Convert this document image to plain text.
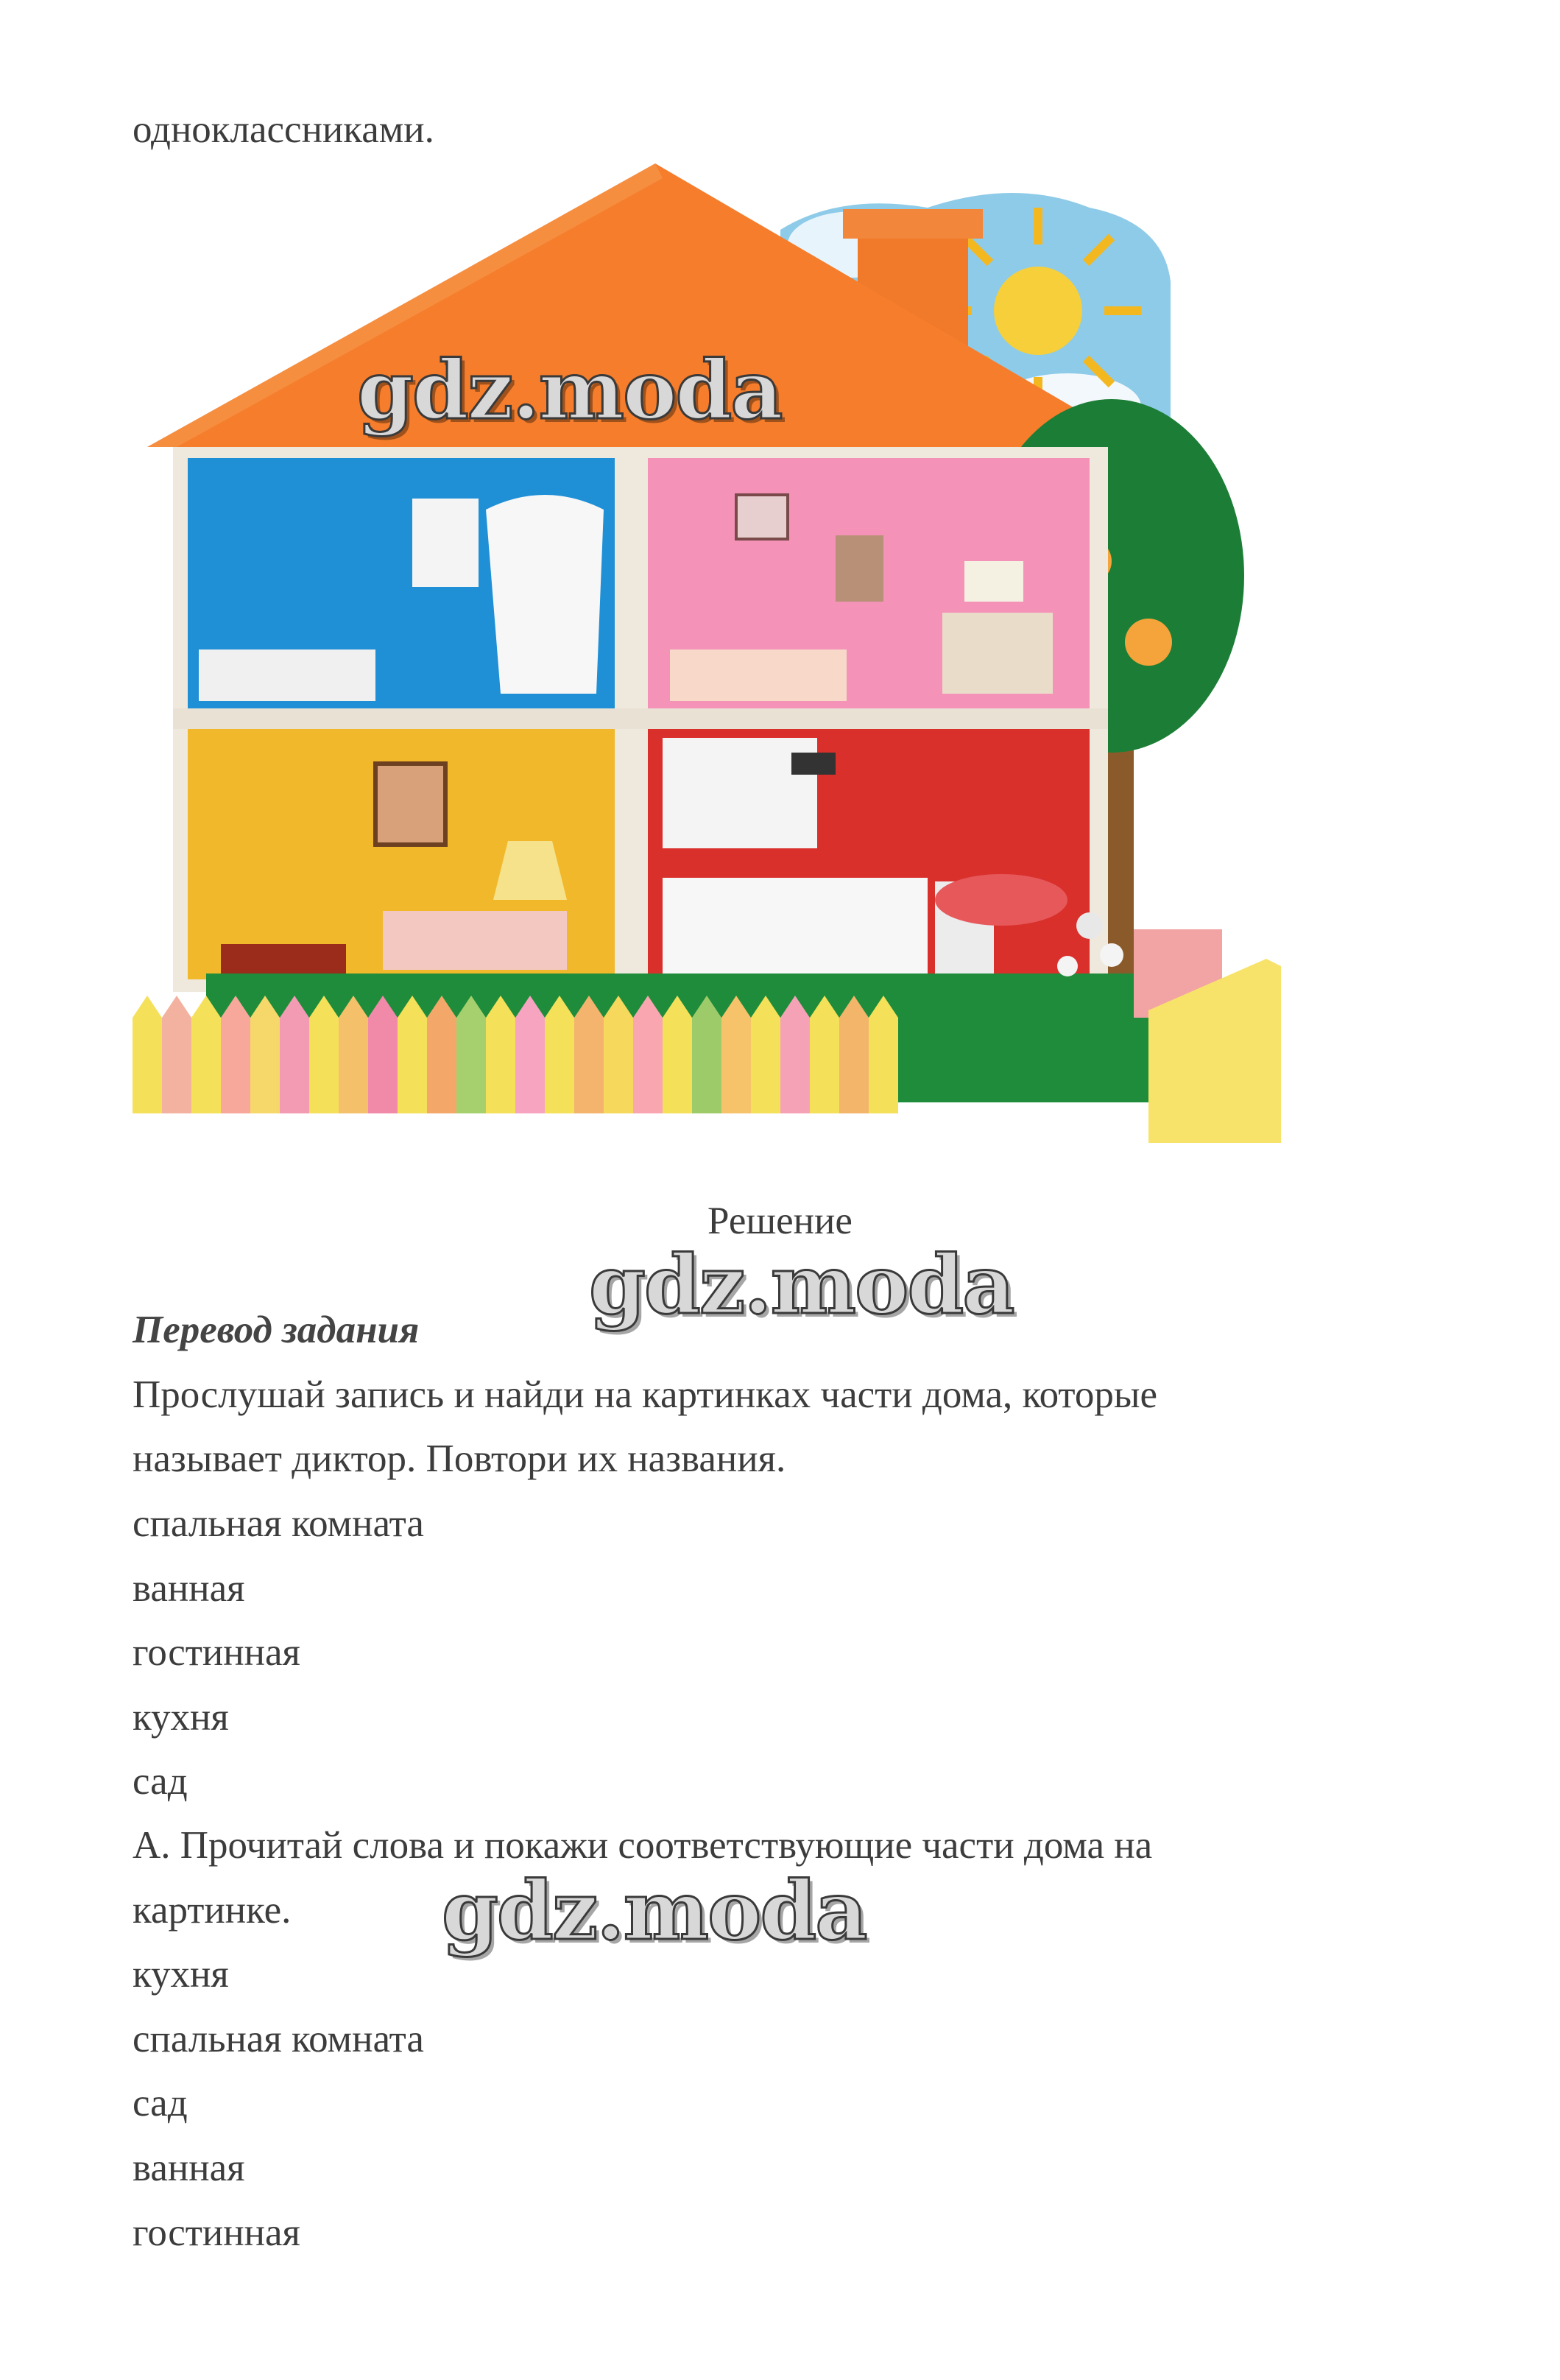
одноклассниками.
gdz.moda
Решение
gdz.moda
Перевод задания
Прослушай запись и найди на картинках части дома, которые
называет диктор. Повтори их названия.
спальная комната
ванная
гостинная
кухня
сад
А. Прочитай слова и покажи соответствующие части дома на
картинке. gdz.moda
кухня
спальная комната
сад
ванная
гостинная
